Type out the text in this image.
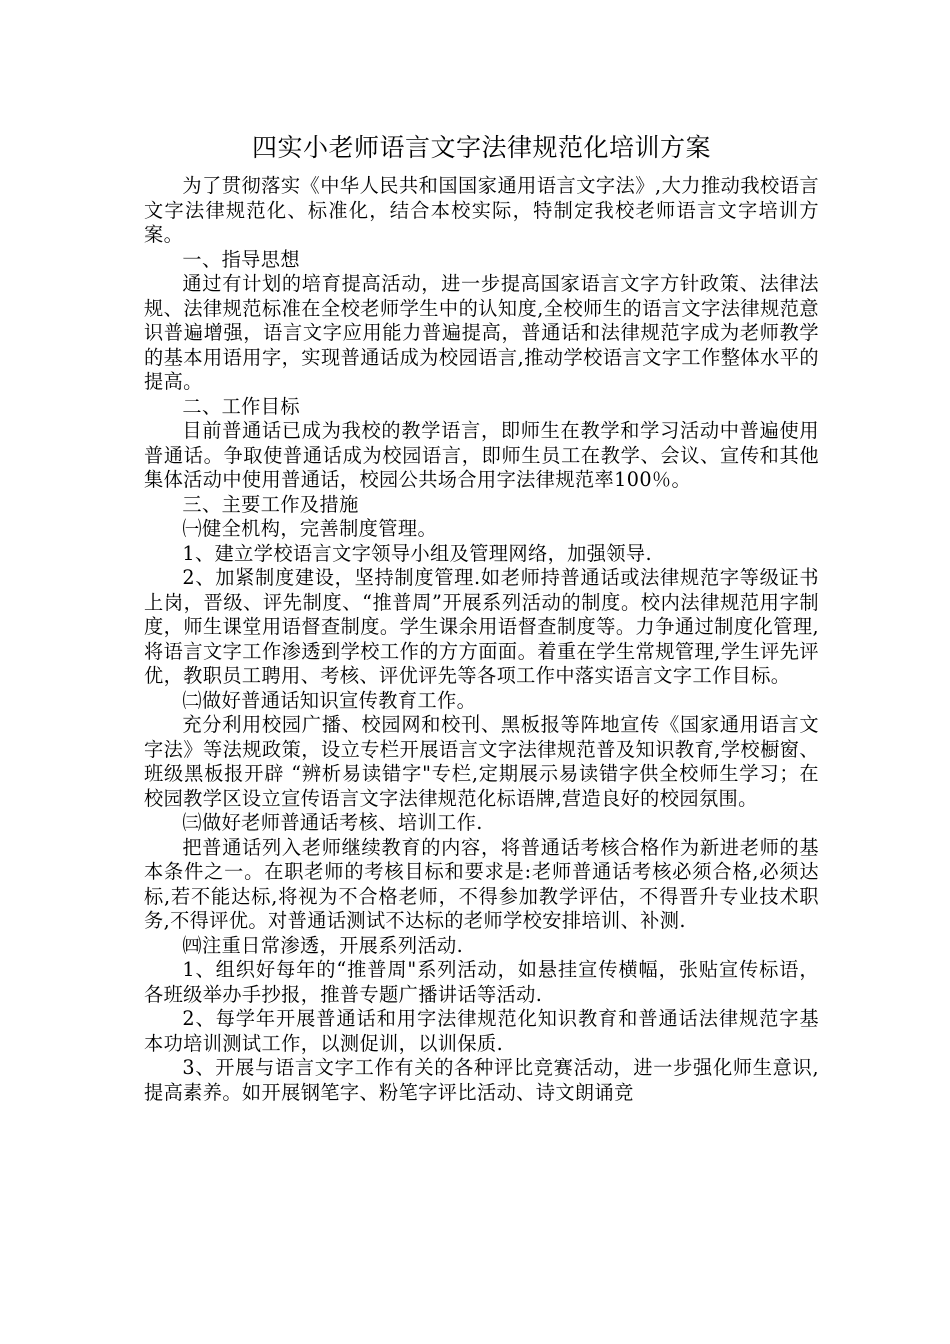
四实小老师语言文字法律规范化培训方案

为了贯彻落实《中华人民共和国国家通用语言文字法》,大力推动我校语言文字法律规范化、标准化，结合本校实际，特制定我校老师语言文字培训方案。

一、指导思想

通过有计划的培育提高活动，进一步提高国家语言文字方针政策、法律法规、法律规范标准在全校老师学生中的认知度,全校师生的语言文字法律规范意识普遍增强，语言文字应用能力普遍提高，普通话和法律规范字成为老师教学的基本用语用字，实现普通话成为校园语言,推动学校语言文字工作整体水平的提高。

二、工作目标

目前普通话已成为我校的教学语言，即师生在教学和学习活动中普遍使用普通话。争取使普通话成为校园语言，即师生员工在教学、会议、宣传和其他集体活动中使用普通话，校园公共场合用字法律规范率100％。

三、主要工作及措施

㈠健全机构，完善制度管理。

1、建立学校语言文字领导小组及管理网络，加强领导.

2、加紧制度建设，坚持制度管理.如老师持普通话或法律规范字等级证书上岗，晋级、评先制度、“推普周”开展系列活动的制度。校内法律规范用字制度，师生课堂用语督查制度。学生课余用语督查制度等。力争通过制度化管理,将语言文字工作渗透到学校工作的方方面面。着重在学生常规管理,学生评先评优，教职员工聘用、考核、评优评先等各项工作中落实语言文字工作目标。

㈡做好普通话知识宣传教育工作。

充分利用校园广播、校园网和校刊、黑板报等阵地宣传《国家通用语言文字法》等法规政策，设立专栏开展语言文字法律规范普及知识教育,学校橱窗、班级黑板报开辟 “辨析易读错字"专栏,定期展示易读错字供全校师生学习；在校园教学区设立宣传语言文字法律规范化标语牌,营造良好的校园氛围。

㈢做好老师普通话考核、培训工作.

把普通话列入老师继续教育的内容，将普通话考核合格作为新进老师的基本条件之一。在职老师的考核目标和要求是:老师普通话考核必须合格,必须达标,若不能达标,将视为不合格老师，不得参加教学评估，不得晋升专业技术职务,不得评优。对普通话测试不达标的老师学校安排培训、补测.

㈣注重日常渗透，开展系列活动.

1、组织好每年的“推普周"系列活动，如悬挂宣传横幅，张贴宣传标语，各班级举办手抄报，推普专题广播讲话等活动.

2、每学年开展普通话和用字法律规范化知识教育和普通话法律规范字基本功培训测试工作，以测促训，以训保质.

3、开展与语言文字工作有关的各种评比竞赛活动，进一步强化师生意识,提高素养。如开展钢笔字、粉笔字评比活动、诗文朗诵竞
